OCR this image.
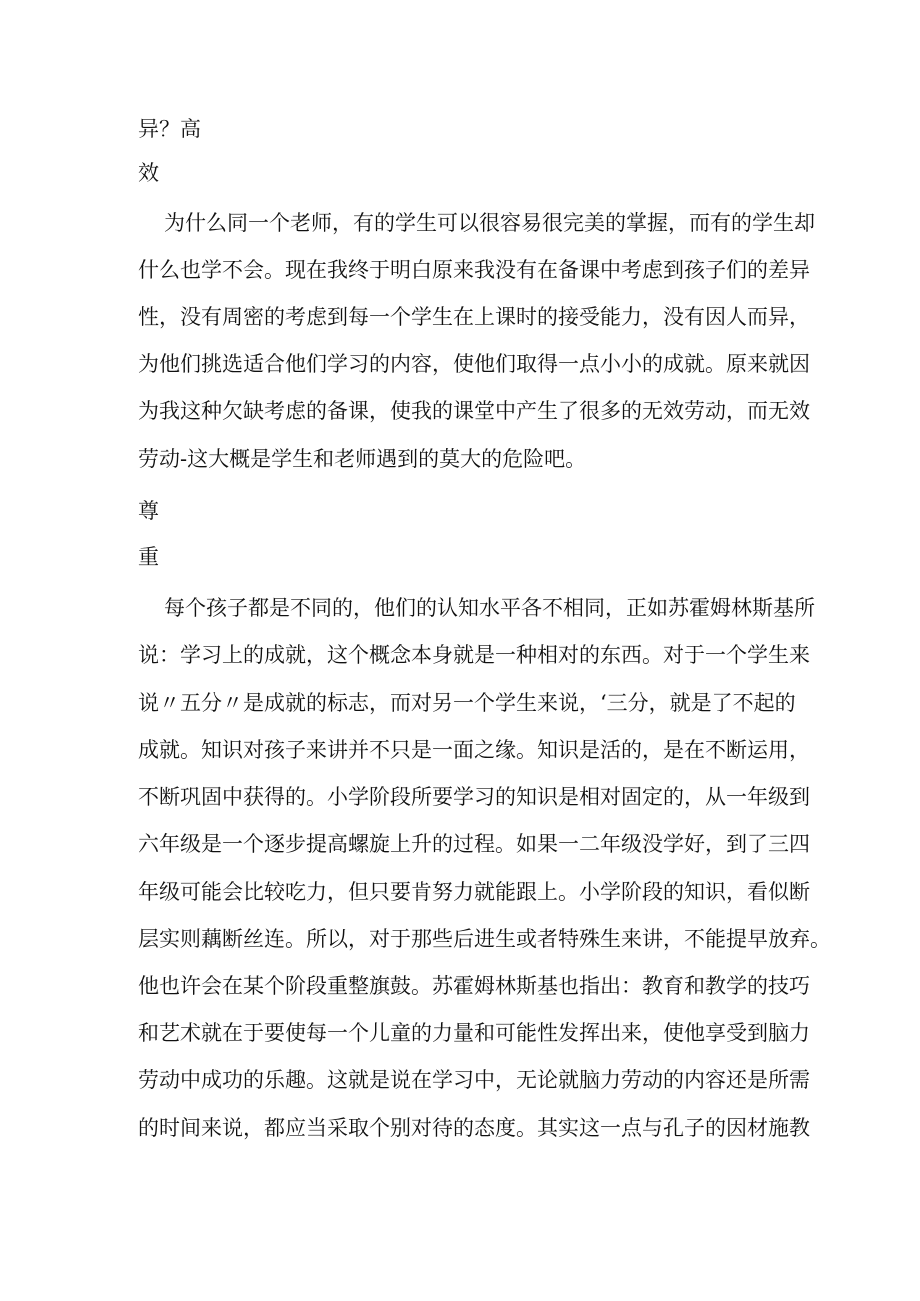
异？高
效
为什么同一个老师，有的学生可以很容易很完美的掌握，而有的学生却
什么也学不会。现在我终于明白原来我没有在备课中考虑到孩子们的差异
性，没有周密的考虑到每一个学生在上课时的接受能力，没有因人而异，
为他们挑选适合他们学习的内容，使他们取得一点小小的成就。原来就因
为我这种欠缺考虑的备课，使我的课堂中产生了很多的无效劳动，而无效
劳动-这大概是学生和老师遇到的莫大的危险吧。
尊
重
每个孩子都是不同的，他们的认知水平各不相同，正如苏霍姆林斯基所
说：学习上的成就，这个概念本身就是一种相对的东西。对于一个学生来
说〃五分〃是成就的标志，而对另一个学生来说，‘三分，就是了不起的
成就。知识对孩子来讲并不只是一面之缘。知识是活的，是在不断运用，
不断巩固中获得的。小学阶段所要学习的知识是相对固定的，从一年级到
六年级是一个逐步提高螺旋上升的过程。如果一二年级没学好，到了三四
年级可能会比较吃力，但只要肯努力就能跟上。小学阶段的知识，看似断
层实则藕断丝连。所以，对于那些后进生或者特殊生来讲，不能提早放弃。
他也许会在某个阶段重整旗鼓。苏霍姆林斯基也指出：教育和教学的技巧
和艺术就在于要使每一个儿童的力量和可能性发挥出来，使他享受到脑力
劳动中成功的乐趣。这就是说在学习中，无论就脑力劳动的内容还是所需
的时间来说，都应当采取个别对待的态度。其实这一点与孔子的因材施教
